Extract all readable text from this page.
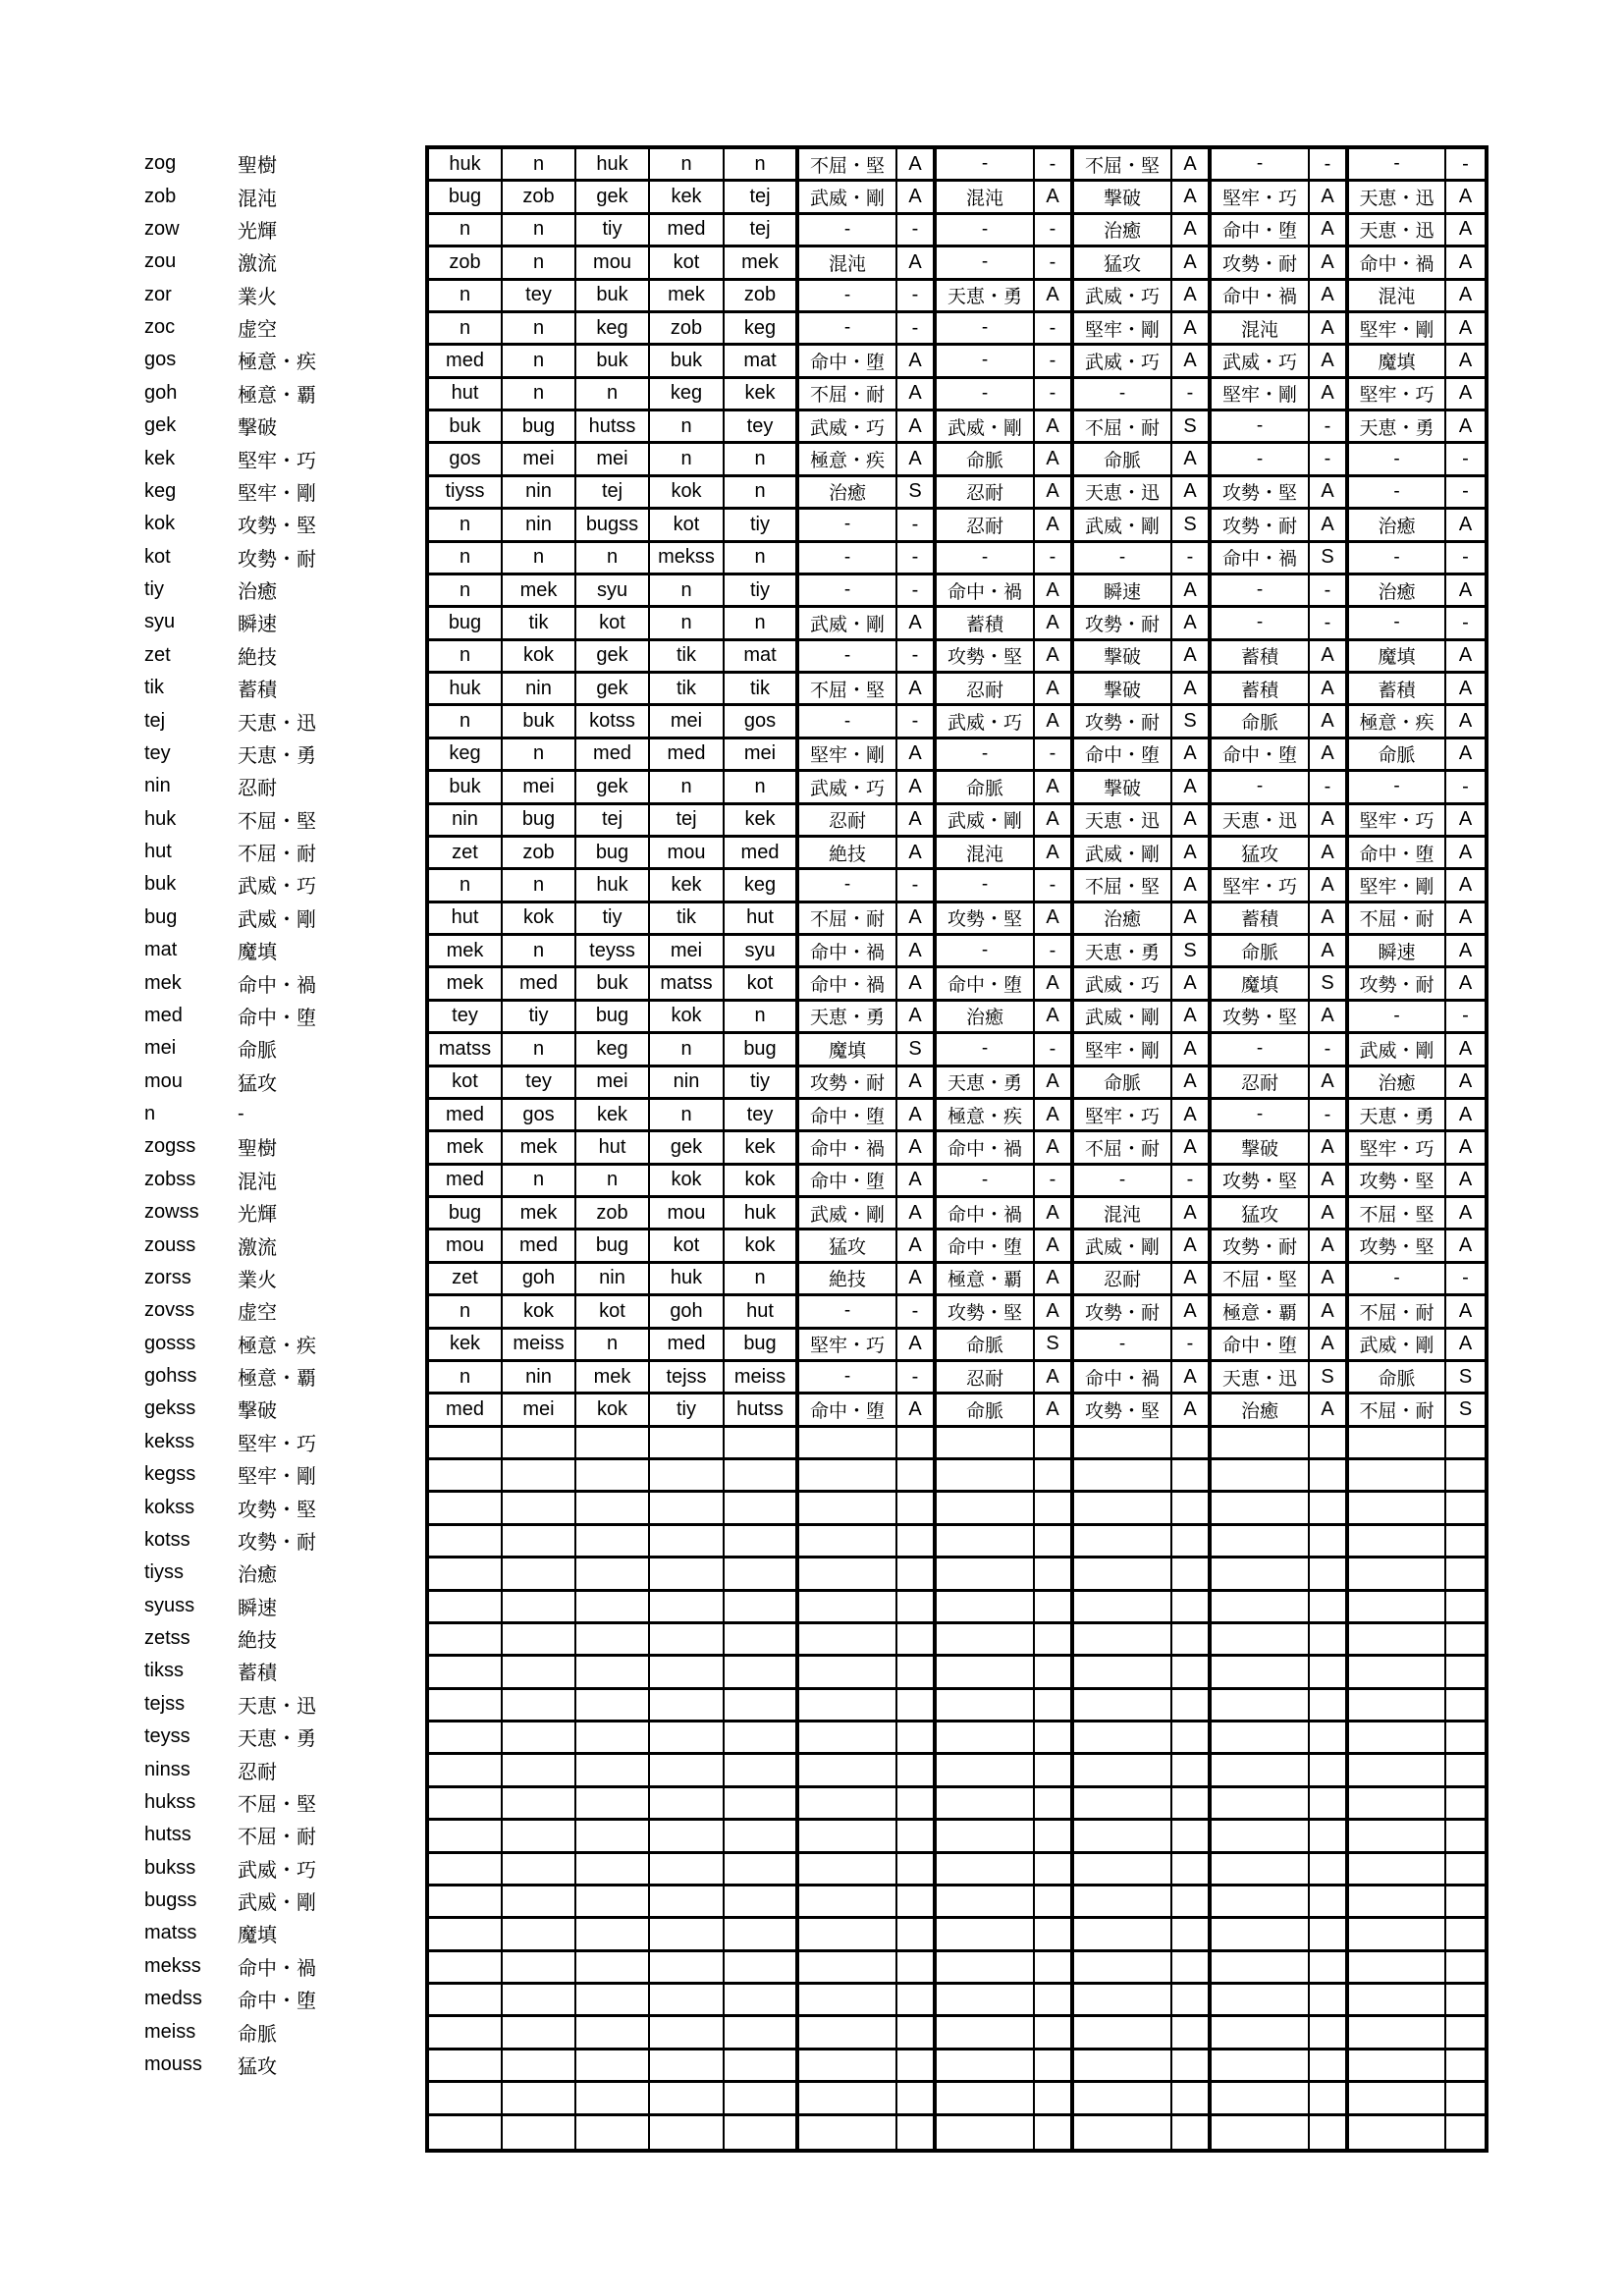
zog	聖樹
zob	混沌
zow	光輝
zou	激流
zor	業火
zoc	虚空
gos	極意・疾
goh	極意・覇
gek	撃破
kek	堅牢・巧
keg	堅牢・剛
kok	攻勢・堅
kot	攻勢・耐
tiy	治癒
syu	瞬速
zet	絶技
tik	蓄積
tej	天恵・迅
tey	天恵・勇
nin	忍耐
huk	不屈・堅
hut	不屈・耐
buk	武威・巧
bug	武威・剛
mat	魔填
mek	命中・禍
med	命中・堕
mei	命脈
mou	猛攻
n	-
zogss	聖樹
zobss	混沌
zowss	光輝
zouss	激流
zorss	業火
zovss	虚空
gosss	極意・疾
gohss	極意・覇
gekss	撃破
kekss	堅牢・巧
kegss	堅牢・剛
kokss	攻勢・堅
kotss	攻勢・耐
tiyss	治癒
syuss	瞬速
zetss	絶技
tikss	蓄積
tejss	天恵・迅
teyss	天恵・勇
ninss	忍耐
hukss	不屈・堅
hutss	不屈・耐
bukss	武威・巧
bugss	武威・剛
matss	魔填
mekss	命中・禍
medss	命中・堕
meiss	命脈
mouss	猛攻
huk	n	huk	n	n	不屈・堅	A	-	-	不屈・堅	A	-	-	-	-
bug	zob	gek	kek	tej	武威・剛	A	混沌	A	撃破	A	堅牢・巧	A	天恵・迅	A
n	n	tiy	med	tej	-	-	-	-	治癒	A	命中・堕	A	天恵・迅	A
zob	n	mou	kot	mek	混沌	A	-	-	猛攻	A	攻勢・耐	A	命中・禍	A
n	tey	buk	mek	zob	-	-	天恵・勇	A	武威・巧	A	命中・禍	A	混沌	A
n	n	keg	zob	keg	-	-	-	-	堅牢・剛	A	混沌	A	堅牢・剛	A
med	n	buk	buk	mat	命中・堕	A	-	-	武威・巧	A	武威・巧	A	魔填	A
hut	n	n	keg	kek	不屈・耐	A	-	-	-	-	堅牢・剛	A	堅牢・巧	A
buk	bug	hutss	n	tey	武威・巧	A	武威・剛	A	不屈・耐	S	-	-	天恵・勇	A
gos	mei	mei	n	n	極意・疾	A	命脈	A	命脈	A	-	-	-	-
tiyss	nin	tej	kok	n	治癒	S	忍耐	A	天恵・迅	A	攻勢・堅	A	-	-
n	nin	bugss	kot	tiy	-	-	忍耐	A	武威・剛	S	攻勢・耐	A	治癒	A
n	n	n	mekss	n	-	-	-	-	-	-	命中・禍	S	-	-
n	mek	syu	n	tiy	-	-	命中・禍	A	瞬速	A	-	-	治癒	A
bug	tik	kot	n	n	武威・剛	A	蓄積	A	攻勢・耐	A	-	-	-	-
n	kok	gek	tik	mat	-	-	攻勢・堅	A	撃破	A	蓄積	A	魔填	A
huk	nin	gek	tik	tik	不屈・堅	A	忍耐	A	撃破	A	蓄積	A	蓄積	A
n	buk	kotss	mei	gos	-	-	武威・巧	A	攻勢・耐	S	命脈	A	極意・疾	A
keg	n	med	med	mei	堅牢・剛	A	-	-	命中・堕	A	命中・堕	A	命脈	A
buk	mei	gek	n	n	武威・巧	A	命脈	A	撃破	A	-	-	-	-
nin	bug	tej	tej	kek	忍耐	A	武威・剛	A	天恵・迅	A	天恵・迅	A	堅牢・巧	A
zet	zob	bug	mou	med	絶技	A	混沌	A	武威・剛	A	猛攻	A	命中・堕	A
n	n	huk	kek	keg	-	-	-	-	不屈・堅	A	堅牢・巧	A	堅牢・剛	A
hut	kok	tiy	tik	hut	不屈・耐	A	攻勢・堅	A	治癒	A	蓄積	A	不屈・耐	A
mek	n	teyss	mei	syu	命中・禍	A	-	-	天恵・勇	S	命脈	A	瞬速	A
mek	med	buk	matss	kot	命中・禍	A	命中・堕	A	武威・巧	A	魔填	S	攻勢・耐	A
tey	tiy	bug	kok	n	天恵・勇	A	治癒	A	武威・剛	A	攻勢・堅	A	-	-
matss	n	keg	n	bug	魔填	S	-	-	堅牢・剛	A	-	-	武威・剛	A
kot	tey	mei	nin	tiy	攻勢・耐	A	天恵・勇	A	命脈	A	忍耐	A	治癒	A
med	gos	kek	n	tey	命中・堕	A	極意・疾	A	堅牢・巧	A	-	-	天恵・勇	A
mek	mek	hut	gek	kek	命中・禍	A	命中・禍	A	不屈・耐	A	撃破	A	堅牢・巧	A
med	n	n	kok	kok	命中・堕	A	-	-	-	-	攻勢・堅	A	攻勢・堅	A
bug	mek	zob	mou	huk	武威・剛	A	命中・禍	A	混沌	A	猛攻	A	不屈・堅	A
mou	med	bug	kot	kok	猛攻	A	命中・堕	A	武威・剛	A	攻勢・耐	A	攻勢・堅	A
zet	goh	nin	huk	n	絶技	A	極意・覇	A	忍耐	A	不屈・堅	A	-	-
n	kok	kot	goh	hut	-	-	攻勢・堅	A	攻勢・耐	A	極意・覇	A	不屈・耐	A
kek	meiss	n	med	bug	堅牢・巧	A	命脈	S	-	-	命中・堕	A	武威・剛	A
n	nin	mek	tejss	meiss	-	-	忍耐	A	命中・禍	A	天恵・迅	S	命脈	S
med	mei	kok	tiy	hutss	命中・堕	A	命脈	A	攻勢・堅	A	治癒	A	不屈・耐	S
